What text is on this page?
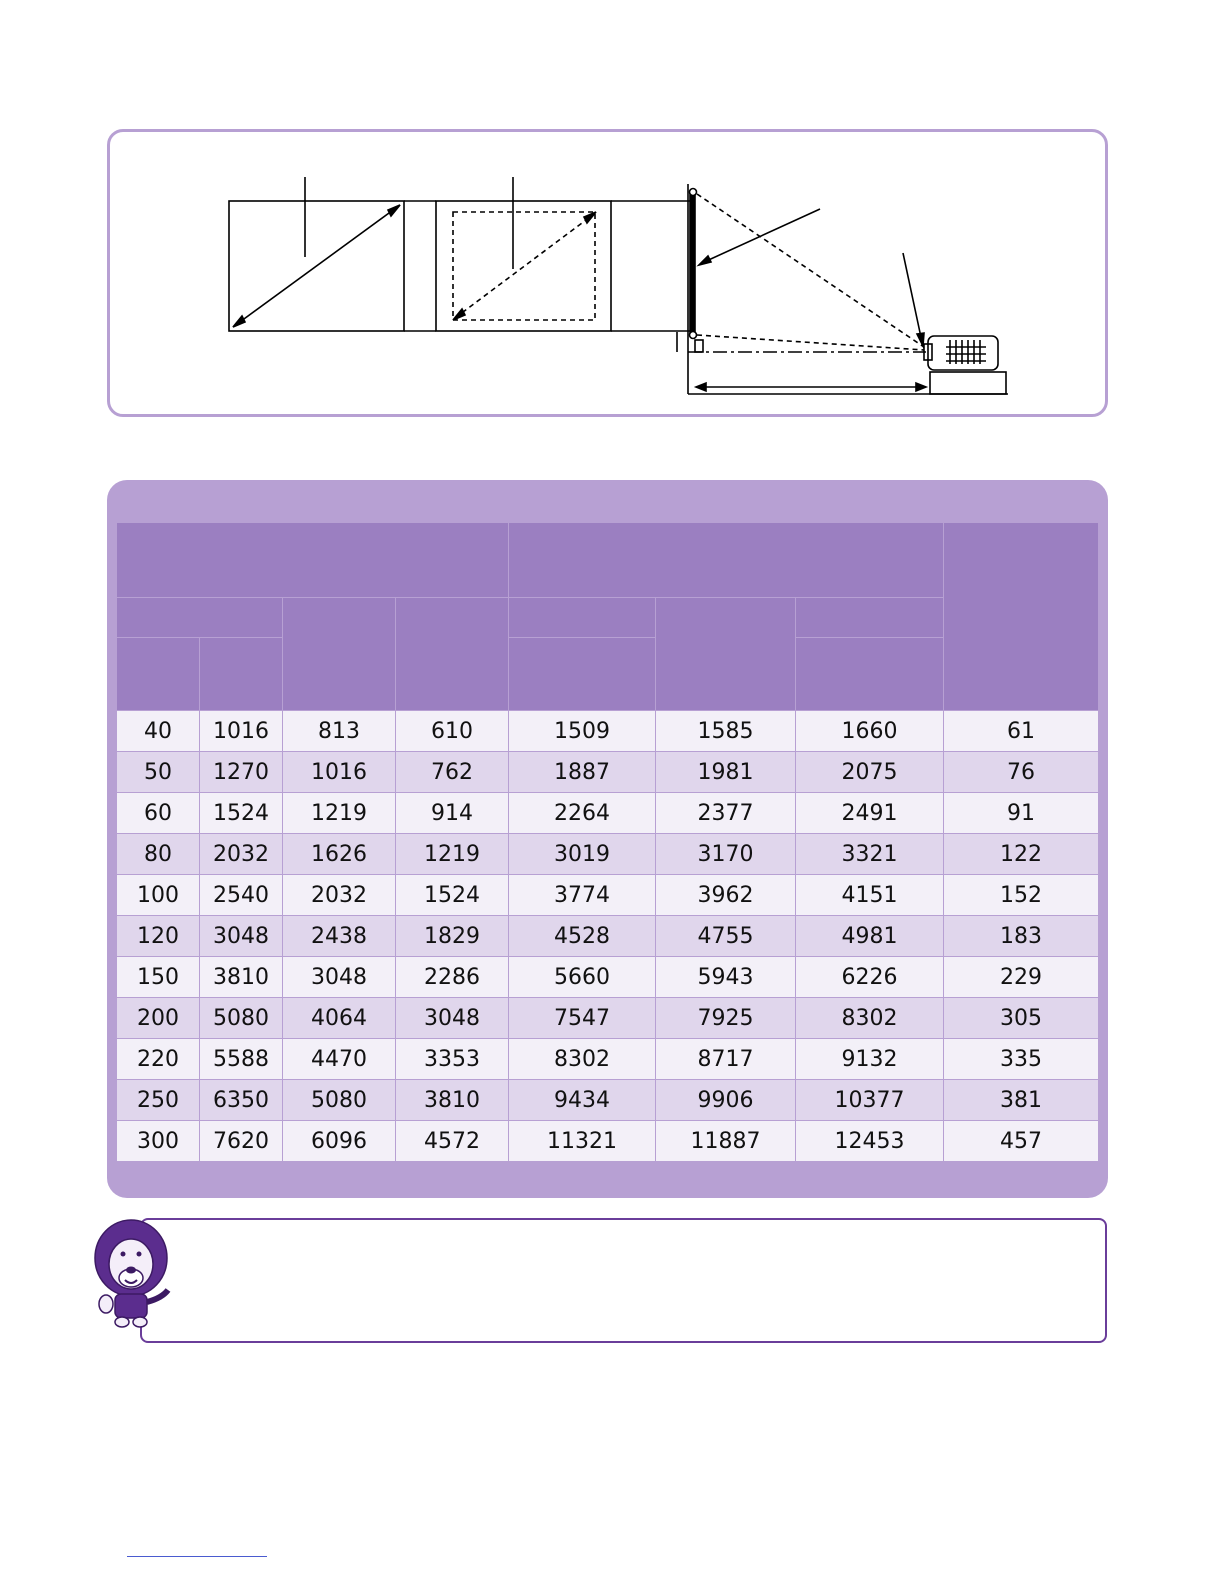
40	1016	813	610	1509	1585	1660	61
50	1270	1016	762	1887	1981	2075	76
60	1524	1219	914	2264	2377	2491	91
80	2032	1626	1219	3019	3170	3321	122
100	2540	2032	1524	3774	3962	4151	152
120	3048	2438	1829	4528	4755	4981	183
150	3810	3048	2286	5660	5943	6226	229
200	5080	4064	3048	7547	7925	8302	305
220	5588	4470	3353	8302	8717	9132	335
250	6350	5080	3810	9434	9906	10377	381
300	7620	6096	4572	11321	11887	12453	457
